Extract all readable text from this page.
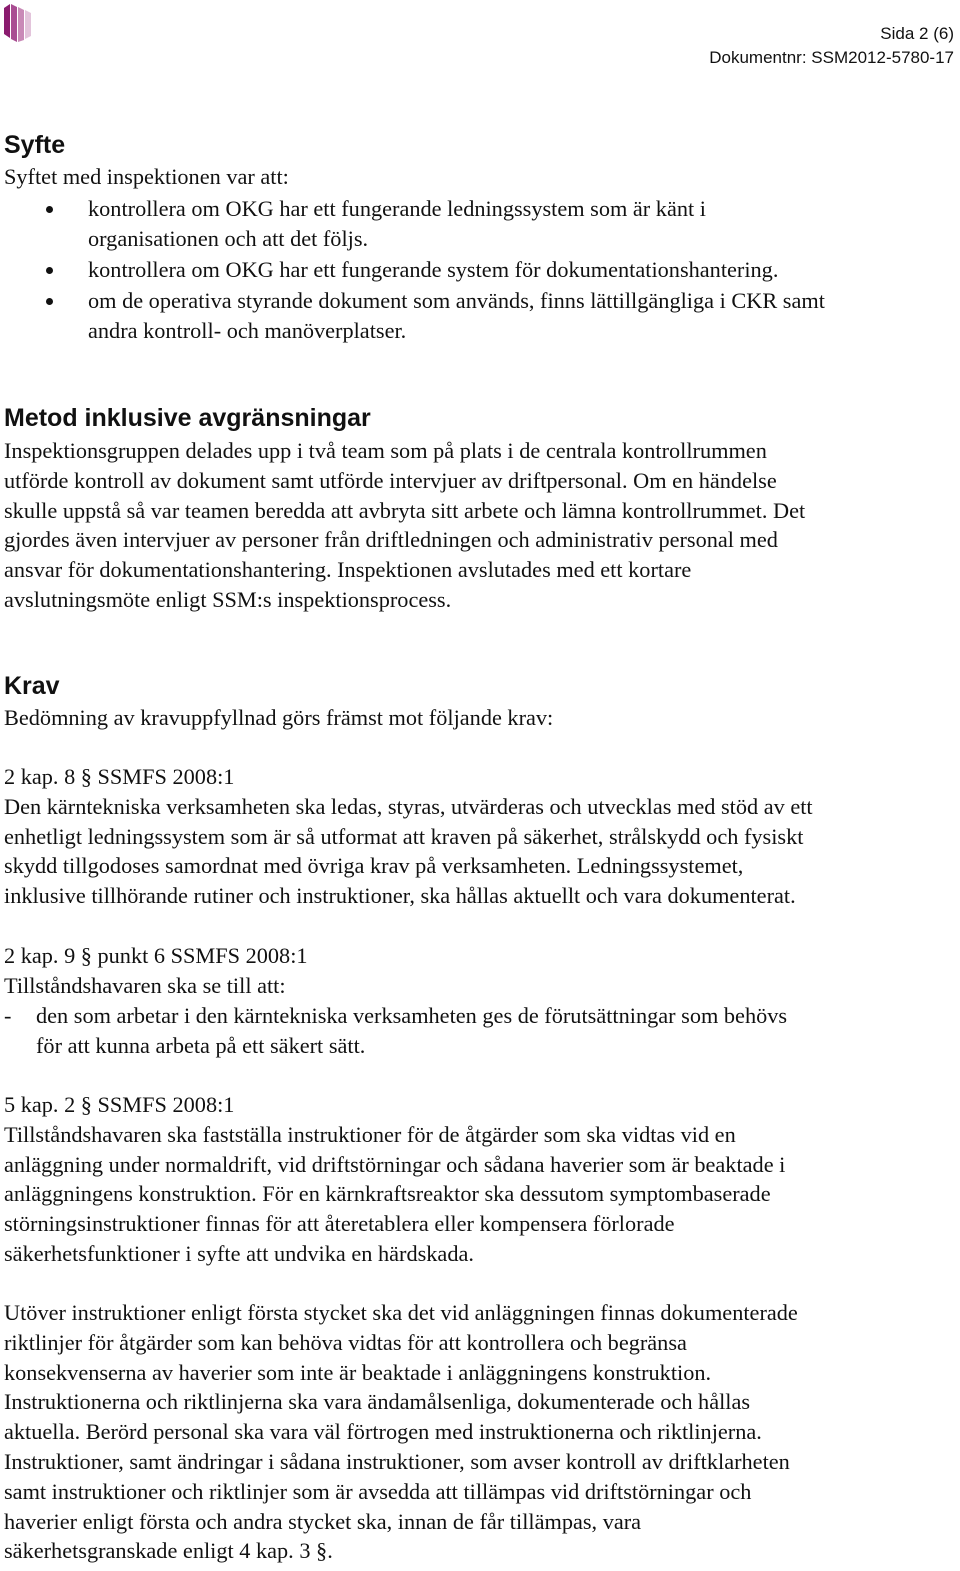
Sida 2 (6)
Dokumentnr: SSM2012-5780-17
Syfte
Syftet med inspektionen var att:
kontrollera om OKG har ett fungerande ledningssystem som är känt i
organisationen och att det följs.
kontrollera om OKG har ett fungerande system för dokumentationshantering.
om de operativa styrande dokument som används, finns lättillgängliga i CKR samt
andra kontroll- och manöverplatser.
Metod inklusive avgränsningar
Inspektionsgruppen delades upp i två team som på plats i de centrala kontrollrummen
utförde kontroll av dokument samt utförde intervjuer av driftpersonal. Om en händelse
skulle uppstå så var teamen beredda att avbryta sitt arbete och lämna kontrollrummet. Det
gjordes även intervjuer av personer från driftledningen och administrativ personal med
ansvar för dokumentationshantering. Inspektionen avslutades med ett kortare
avslutningsmöte enligt SSM:s inspektionsprocess.
Krav
Bedömning av kravuppfyllnad görs främst mot följande krav:
2 kap. 8 § SSMFS 2008:1
Den kärntekniska verksamheten ska ledas, styras, utvärderas och utvecklas med stöd av ett
enhetligt ledningssystem som är så utformat att kraven på säkerhet, strålskydd och fysiskt
skydd tillgodoses samordnat med övriga krav på verksamheten. Ledningssystemet,
inklusive tillhörande rutiner och instruktioner, ska hållas aktuellt och vara dokumenterat.
2 kap. 9 § punkt 6 SSMFS 2008:1
Tillståndshavaren ska se till att:
- den som arbetar i den kärntekniska verksamheten ges de förutsättningar som behövs
för att kunna arbeta på ett säkert sätt.
5 kap. 2 § SSMFS 2008:1
Tillståndshavaren ska fastställa instruktioner för de åtgärder som ska vidtas vid en
anläggning under normaldrift, vid driftstörningar och sådana haverier som är beaktade i
anläggningens konstruktion. För en kärnkraftsreaktor ska dessutom symptombaserade
störningsinstruktioner finnas för att återetablera eller kompensera förlorade
säkerhetsfunktioner i syfte att undvika en härdskada.
Utöver instruktioner enligt första stycket ska det vid anläggningen finnas dokumenterade
riktlinjer för åtgärder som kan behöva vidtas för att kontrollera och begränsa
konsekvenserna av haverier som inte är beaktade i anläggningens konstruktion.
Instruktionerna och riktlinjerna ska vara ändamålsenliga, dokumenterade och hållas
aktuella. Berörd personal ska vara väl förtrogen med instruktionerna och riktlinjerna.
Instruktioner, samt ändringar i sådana instruktioner, som avser kontroll av driftklarheten
samt instruktioner och riktlinjer som är avsedda att tillämpas vid driftstörningar och
haverier enligt första och andra stycket ska, innan de får tillämpas, vara
säkerhetsgranskade enligt 4 kap. 3 §.
